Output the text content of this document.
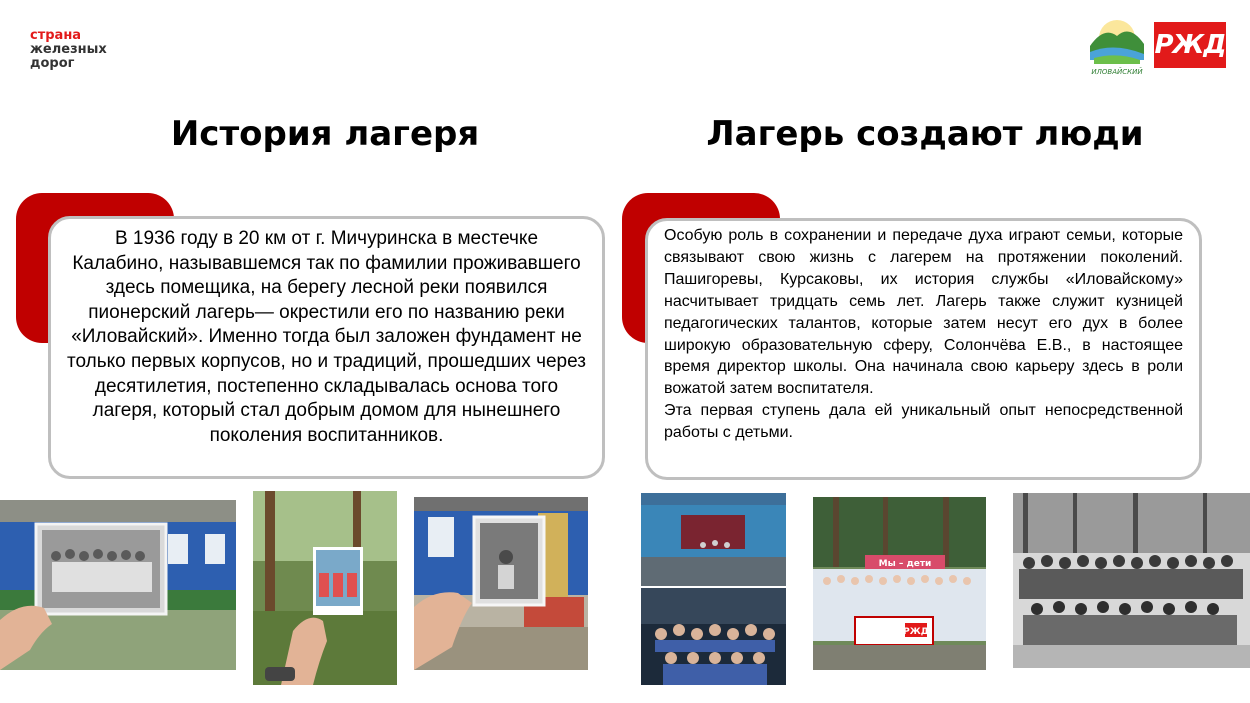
страна
железных
дорог
ИЛОВАЙСКИЙ
РЖД
История лагеря	Лагерь создают люди
В 1936 году в 20 км от г. Мичуринска в местечке Калабино, называвшемся так по фамилии проживавшего здесь помещика, на берегу лесной реки появился пионерский лагерь— окрестили его по названию реки «Иловайский». Именно тогда был заложен фундамент не только первых корпусов, но и традиций, прошедших через десятилетия, постепенно складывалась основа того лагеря, который стал добрым домом для нынешнего поколения воспитанников.

Особую роль в сохранении и передаче духа играют семьи, которые связывают свою жизнь с лагерем на протяжении поколений. Пашигоревы, Курсаковы, их история службы «Иловайскому» насчитывает тридцать семь лет. Лагерь также служит кузницей педагогических талантов, которые затем несут его дух в более широкую образовательную сферу, Солончёва Е.В., в настоящее время директор школы. Она начинала свою карьеру здесь в роли вожатой затем воспитателя.

Эта первая ступень дала ей уникальный опыт непосредственной работы с детьми.

Мы – дети
РЖД
